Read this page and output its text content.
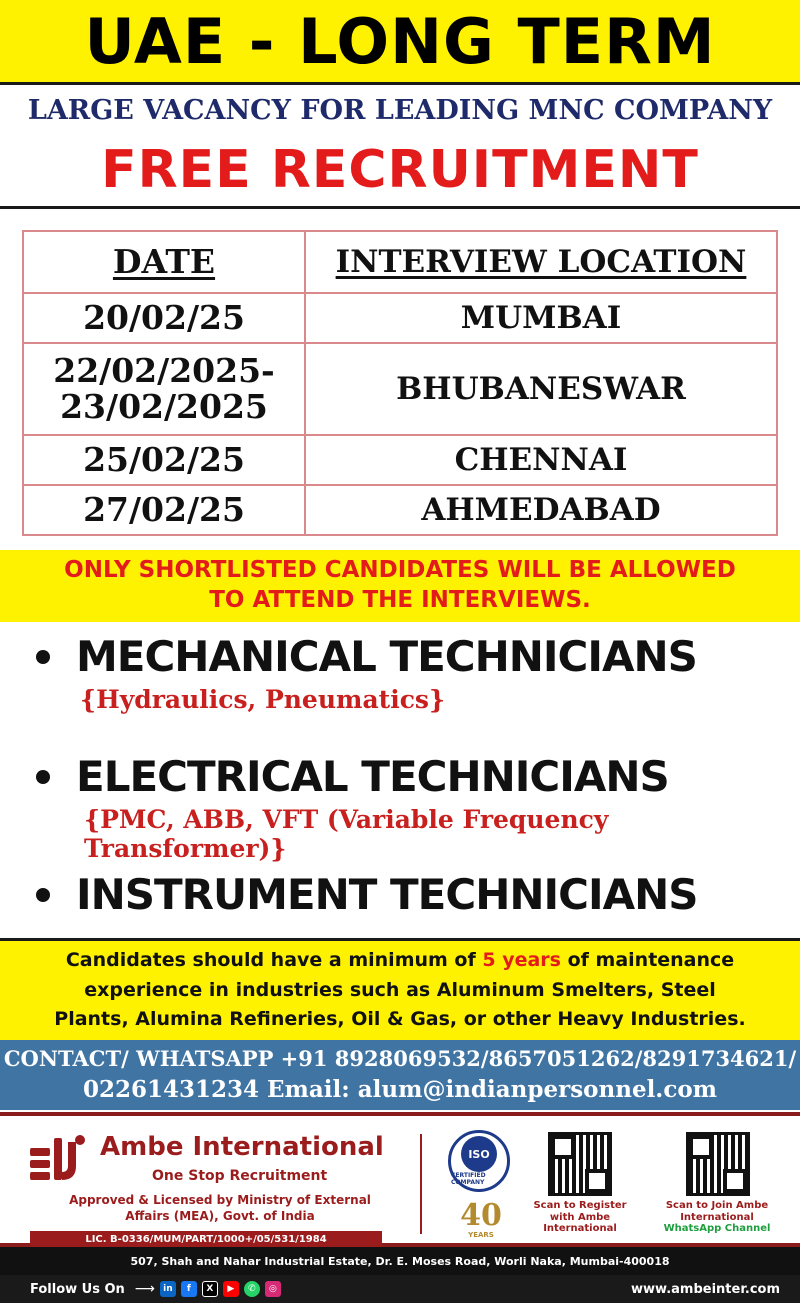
UAE - LONG TERM
LARGE VACANCY FOR LEADING MNC COMPANY
FREE RECRUITMENT
DATE	INTERVIEW LOCATION
20/02/25	MUMBAI
22/02/2025-
23/02/2025	BHUBANESWAR
25/02/25	CHENNAI
27/02/25	AHMEDABAD
ONLY SHORTLISTED CANDIDATES WILL BE ALLOWED
TO ATTEND THE INTERVIEWS.
MECHANICAL TECHNICIANS
{Hydraulics, Pneumatics}
ELECTRICAL TECHNICIANS
{PMC, ABB, VFT (Variable Frequency Transformer)}
INSTRUMENT TECHNICIANS

Candidates should have a minimum of 5 years of maintenance

experience in industries such as Aluminum Smelters, Steel

Plants, Alumina Refineries, Oil & Gas, or other Heavy Industries.

CONTACT/ WHATSAPP +91 8928069532/8657051262/8291734621/
02261431234 Email: alum@indianpersonnel.com
Ambe International
One Stop Recruitment
Approved & Licensed by Ministry of External
Affairs (MEA), Govt. of India
LIC. B-0336/MUM/PART/1000+/05/531/1984
ISO
CERTIFIED COMPANY
40
YEARS
Scan to Register with Ambe International
Scan to Join Ambe International
WhatsApp Channel
507, Shah and Nahar Industrial Estate, Dr. E. Moses Road, Worli Naka, Mumbai-400018
Follow Us On ⟶ in	f	X	▶	✆	◎	www.ambeinter.com
